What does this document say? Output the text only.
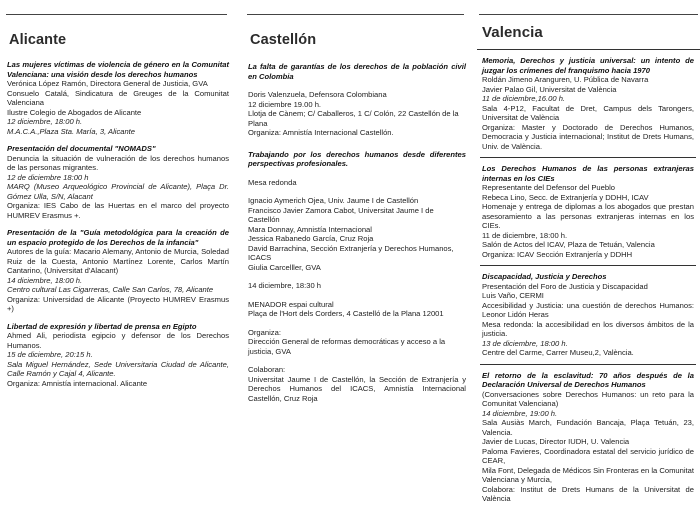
Alicante
Las mujeres víctimas de violencia de género en la Comunitat Valenciana: una visión desde los derechos humanos
Verónica López Ramón, Directora General de Justicia, GVA
Consuelo Catalá, Sindicatura de Greuges de la Comunitat Valenciana
Ilustre Colegio de Abogados de Alicante
12 diciembre, 18:00 h.
M.A.C.A.,Plaza Sta. María, 3, Alicante
Presentación del documental "NOMADS"
Denuncia la situación de vulneración de los derechos humanos de las personas migrantes.
12 de diciembre 18:00 h
MARQ (Museo Arqueológico Provincial de Alicante), Plaça Dr. Gómez Ulla, S/N, Alacant
Organiza: IES Cabo de las Huertas en el marco del proyecto HUMREV Erasmus +.
Presentación de la "Guía metodológica para la creación de un espacio protegido de los Derechos de la infancia"
Autores de la guía: Macario Alemany, Antonio de Murcia, Soledad Ruiz de la Cuesta, Antonio Martínez Lorente, Carlos Martín Cantarino, (Universitat d'Alacant)
14 diciembre, 18:00 h.
Centro cultural Las Cigarreras, Calle San Carlos, 78, Alicante
Organiza: Universidad de Alicante (Proyecto HUMREV Erasmus +)
Libertad de expresión y libertad de prensa en Egipto
Ahmed Ali, periodista egipcio y defensor de los Derechos Humanos.
15 de diciembre, 20:15 h.
Sala Miguel Hernández, Sede Universitaria Ciudad de Alicante, Calle Ramón y Cajal 4, Alicante.
Organiza: Amnistía internacional. Alicante
Castellón
La falta de garantías de los derechos de la población civil en Colombia
Doris Valenzuela, Defensora Colombiana
12 diciembre 19.00 h.
Llotja de Cànem; C/ Caballeros, 1 C/ Colón, 22 Castellón de la Plana
Organiza: Amnistía Internacional Castellón.
Trabajando por los derechos humanos desde diferentes perspectivas profesionales.
Mesa redonda
Ignacio Aymerich Ojea, Univ. Jaume I de Castellón
Francisco Javier Zamora Cabot, Universitat Jaume I de Castellón
Mara Donnay, Amnistía Internacional
Jessica Rabanedo García, Cruz Roja
David Barrachina, Sección Extranjería y Derechos Humanos, ICACS
Giulia Carcelller, GVA
14 diciembre, 18:30 h
MENADOR espai cultural
Plaça de l'Hort dels Corders, 4 Castelló de la Plana 12001
Organiza:
Dirección General de reformas democráticas y acceso a la justicia, GVA
Colaboran:
Universitat Jaume I de Castellón, la Sección de Extranjería y Derechos Humanos del ICACS, Amnistía Internacional Castellón, Cruz Roja
Valencia
Memoria, Derechos y justicia universal: un intento de juzgar los crímenes del franquismo hacia 1970
Roldán Jimeno Aranguren, U. Pública de Navarra
Javier Palao Gil, Universitat de València
11 de diciembre,16.00 h.
Sala 4-P12, Facultat de Dret, Campus dels Tarongers, Universitat de València
Organiza: Master y Doctorado de Derechos Humanos, Democracia y Justicia internacional; Institut de Drets Humans, Univ. de València.
Los Derechos Humanos de las personas extranjeras internas en los CIEs
Representante del Defensor del Pueblo
Rebeca Lino, Secc. de Extranjería y DDHH, ICAV
Homenaje y entrega de diplomas a los abogados que prestan asesoramiento a las personas extranjeras internas en los CIEs.
11 de diciembre, 18:00 h.
Salón de Actos del ICAV, Plaza de Tetuán, Valencia
Organiza: ICAV Sección Extranjería y DDHH
Discapacidad, Justicia y Derechos
Presentación del Foro de Justicia y Discapacidad
Luis Vaño, CERMI
Accesibilidad y Justicia: una cuestión de derechos Humanos: Leonor Lidón Heras
Mesa redonda: la accesibilidad en los diversos ámbitos de la justicia.
13 de diciembre, 18:00 h.
Centre del Carme, Carrer Museu,2, València.
El retorno de la esclavitud: 70 años después de la Declaración Universal de Derechos Humanos
(Conversaciones sobre Derechos Humanos: un reto para la Comunitat Valenciana)
14 diciembre, 19:00 h.
Sala Ausiàs March, Fundación Bancaja, Plaça Tetuán, 23, Valencia.
Javier de Lucas, Director IUDH, U. Valencia
Paloma Favieres, Coordinadora estatal del servicio jurídico de CEAR,
Mila Font, Delegada de Médicos Sin Fronteras en la Comunitat Valenciana y Murcia,
Colabora: Institut de Drets Humans de la Universitat de València
